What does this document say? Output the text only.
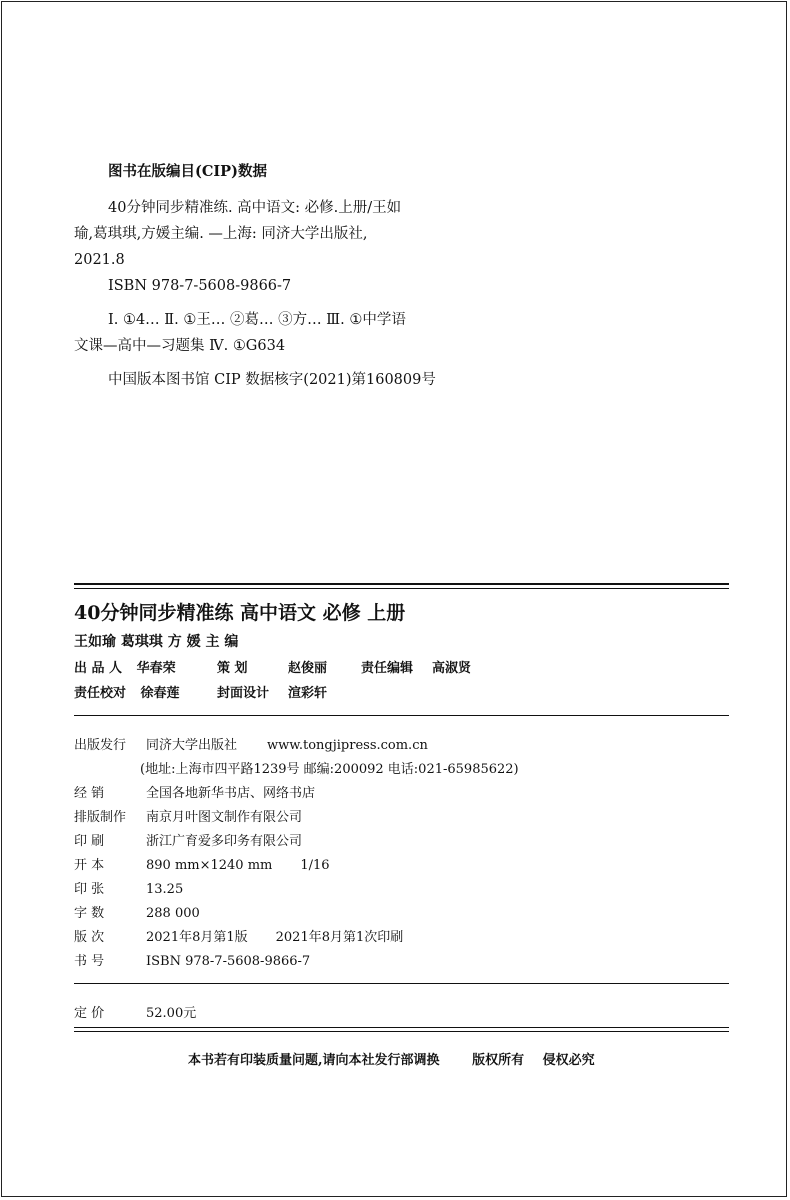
图书在版编目(CIP)数据
40分钟同步精准练. 高中语文: 必修.上册/王如
瑜,葛琪琪,方媛主编. —上海: 同济大学出版社,
2021.8
ISBN 978-7-5608-9866-7
Ⅰ. ①4… Ⅱ. ①王… ②葛… ③方… Ⅲ. ①中学语
文课—高中—习题集 Ⅳ. ①G634
中国版本图书馆 CIP 数据核字(2021)第160809号
40分钟同步精准练 高中语文 必修 上册
王如瑜 葛琪琪 方 媛 主 编
出 品 人 华春荣	策 划	赵俊丽	责任编辑 高淑贤
责任校对 徐春莲	封面设计 渲彩轩
出版发行 同济大学出版社 www.tongjipress.com.cn
(地址:上海市四平路1239号 邮编:200092 电话:021-65985622)
经 销	全国各地新华书店、网络书店
排版制作 南京月叶图文制作有限公司
印 刷	浙江广育爱多印务有限公司
开 本	890 mm×1240 mm 1/16
印 张	13.25
字 数	288 000
版 次	2021年8月第1版 2021年8月第1次印刷
书 号	ISBN 978-7-5608-9866-7
定 价	52.00元
本书若有印装质量问题,请向本社发行部调换	版权所有 侵权必究
